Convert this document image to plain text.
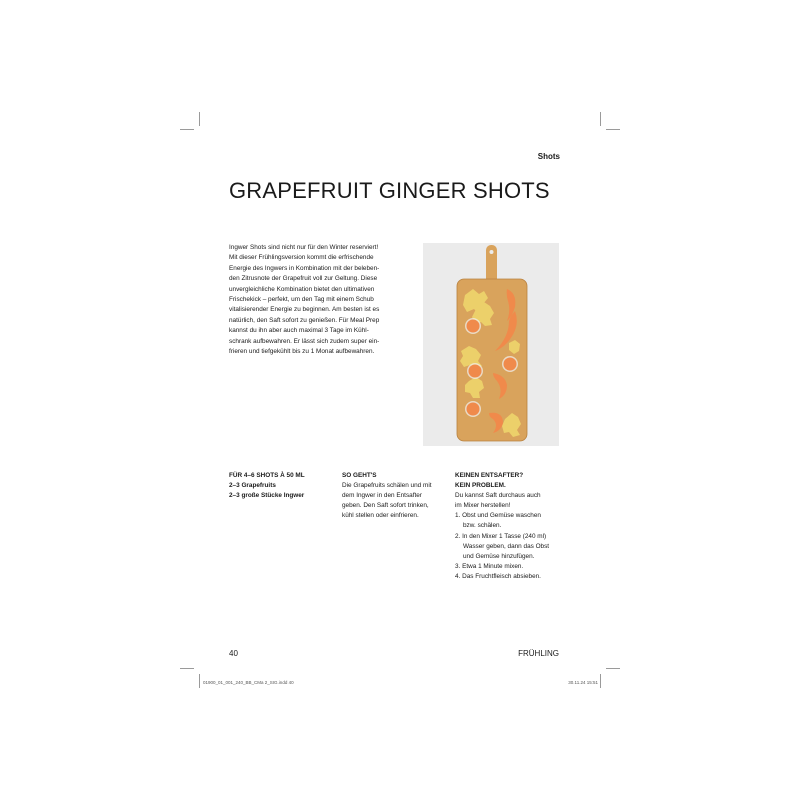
Shots
GRAPEFRUIT GINGER SHOTS
Ingwer Shots sind nicht nur für den Winter reserviert!
Mit dieser Frühlingsversion kommt die erfrischende
Energie des Ingwers in Kombination mit der beleben-
den Zitrusnote der Grapefruit voll zur Geltung. Diese
unvergleichliche Kombination bietet den ultimativen
Frischekick – perfekt, um den Tag mit einem Schub
vitalisierender Energie zu beginnen. Am besten ist es
natürlich, den Saft sofort zu genießen. Für Meal Prep
kannst du ihn aber auch maximal 3 Tage im Kühl-
schrank aufbewahren. Er lässt sich zudem super ein-
frieren und tiefgekühlt bis zu 1 Monat aufbewahren.
FÜR 4–6 SHOTS À 50 ML
2–3 Grapefruits
2–3 große Stücke Ingwer
SO GEHT'S
Die Grapefruits schälen und mit
dem Ingwer in den Entsafter
geben. Den Saft sofort trinken,
kühl stellen oder einfrieren.
KEINEN ENTSAFTER?
KEIN PROBLEM.
Du kannst Saft durchaus auch
im Mixer herstellen!
1. Obst und Gemüse waschen
bzw. schälen.
2. In den Mixer 1 Tasse (240 ml)
Wasser geben, dann das Obst
und Gemüse hinzufügen.
3. Etwa 1 Minute mixen.
4. Das Fruchtfleisch absieben.
40	FRÜHLING
01900_01_001_240_BB_CMa 2_SIG.indd 40	30.11.24 15:51
